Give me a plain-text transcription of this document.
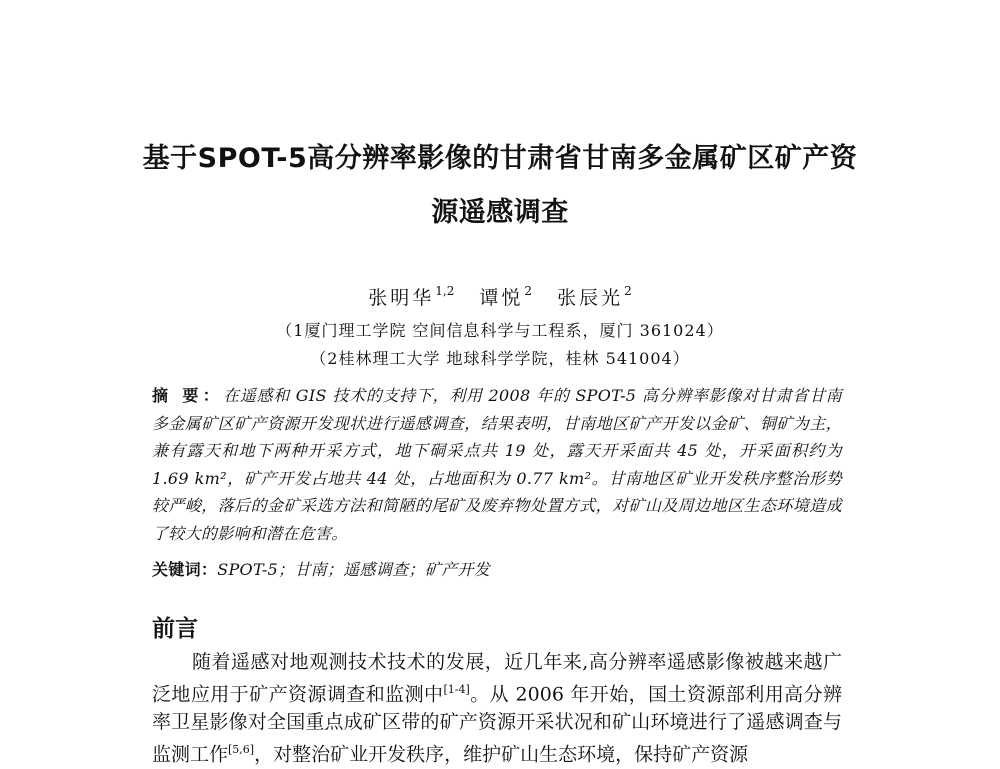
基于SPOT-5高分辨率影像的甘肃省甘南多金属矿区矿产资
源遥感调查
张明华$^{1,2}$ 谭悦$^2$ 张辰光$^2$
（1厦门理工学院 空间信息科学与工程系，厦门 361024）
（2桂林理工大学 地球科学学院，桂林 541004）
摘 要：在遥感和 GIS 技术的支持下，利用 2008 年的 SPOT-5 高分辨率影像对甘肃省甘南多金属矿区矿产资源开发现状进行遥感调查，结果表明，甘南地区矿产开发以金矿、铜矿为主，兼有露天和地下两种开采方式，地下硐采点共 19 处，露天开采面共 45 处，开采面积约为 1.69 km²，矿产开发占地共 44 处，占地面积为 0.77 km²。甘南地区矿业开发秩序整治形势较严峻，落后的金矿采选方法和简陋的尾矿及废弃物处置方式，对矿山及周边地区生态环境造成了较大的影响和潜在危害。
关键词：SPOT-5；甘南；遥感调查；矿产开发
前言
随着遥感对地观测技术技术的发展，近几年来,高分辨率遥感影像被越来越广泛地应用于矿产资源调查和监测中[1-4]。从 2006 年开始，国土资源部利用高分辨率卫星影像对全国重点成矿区带的矿产资源开采状况和矿山环境进行了遥感调查与监测工作[5,6]，对整治矿业开发秩序，维护矿山生态环境，保持矿产资源
